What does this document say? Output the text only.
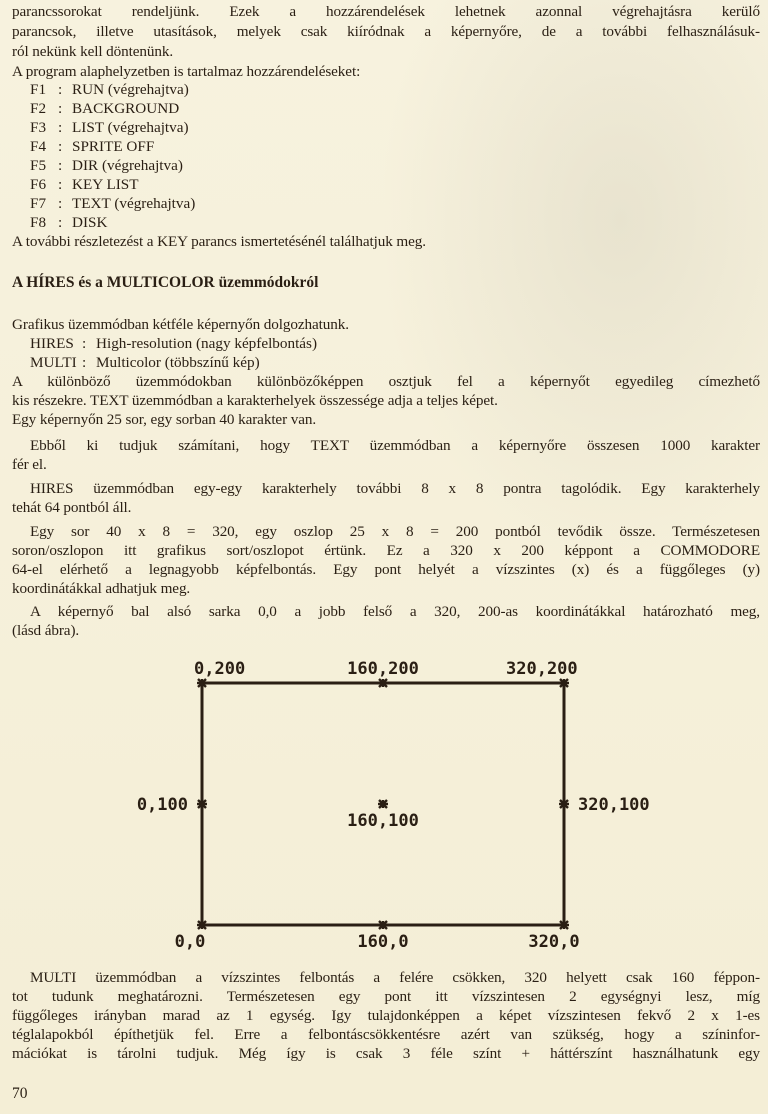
parancssorokat rendeljünk. Ezek a hozzárendelések lehetnek azonnal végrehajtásra kerülő
parancsok, illetve utasítások, melyek csak kiíródnak a képernyőre, de a további felhasználásuk-
ról nekünk kell döntenünk.
A program alaphelyzetben is tartalmaz hozzárendeléseket:
F1 : RUN (végrehajtva)
F2 : BACKGROUND
F3 : LIST (végrehajtva)
F4 : SPRITE OFF
F5 : DIR (végrehajtva)
F6 : KEY LIST
F7 : TEXT (végrehajtva)
F8 : DISK
A további részletezést a KEY parancs ismertetésénél találhatjuk meg.
A HÍRES és a MULTICOLOR üzemmódokról
Grafikus üzemmódban kétféle képernyőn dolgozhatunk.
HIRES : High-resolution (nagy képfelbontás)
MULTI : Multicolor (többszínű kép)
A különböző üzemmódokban különbözőképpen osztjuk fel a képernyőt egyedileg címezhető
kis részekre. TEXT üzemmódban a karakterhelyek összessége adja a teljes képet.
Egy képernyőn 25 sor, egy sorban 40 karakter van.
Ebből ki tudjuk számítani, hogy TEXT üzemmódban a képernyőre összesen 1000 karakter
fér el.
HIRES üzemmódban egy-egy karakterhely további 8 x 8 pontra tagolódik. Egy karakterhely
tehát 64 pontból áll.
Egy sor 40 x 8 = 320, egy oszlop 25 x 8 = 200 pontból tevődik össze. Természetesen
soron/oszlopon itt grafikus sort/oszlopot értünk. Ez a 320 x 200 képpont a COMMODORE
64-el elérhető a legnagyobb képfelbontás. Egy pont helyét a vízszintes (x) és a függőleges (y)
koordinátákkal adhatjuk meg.
A képernyő bal alsó sarka 0,0 a jobb felső a 320, 200-as koordinátákkal határozható meg,
(lásd ábra).
0,200	160,200	320,200
0,100
160,100
320,100
0,0	160,0	320,0
MULTI üzemmódban a vízszintes felbontás a felére csökken, 320 helyett csak 160 féppon-
tot tudunk meghatározni. Természetesen egy pont itt vízszintesen 2 egységnyi lesz, míg
függőleges irányban marad az 1 egység. Igy tulajdonképpen a képet vízszintesen fekvő 2 x 1-es
téglalapokból építhetjük fel. Erre a felbontáscsökkentésre azért van szükség, hogy a színinfor-
mációkat is tárolni tudjuk. Még így is csak 3 féle színt + háttérszínt használhatunk egy
70
